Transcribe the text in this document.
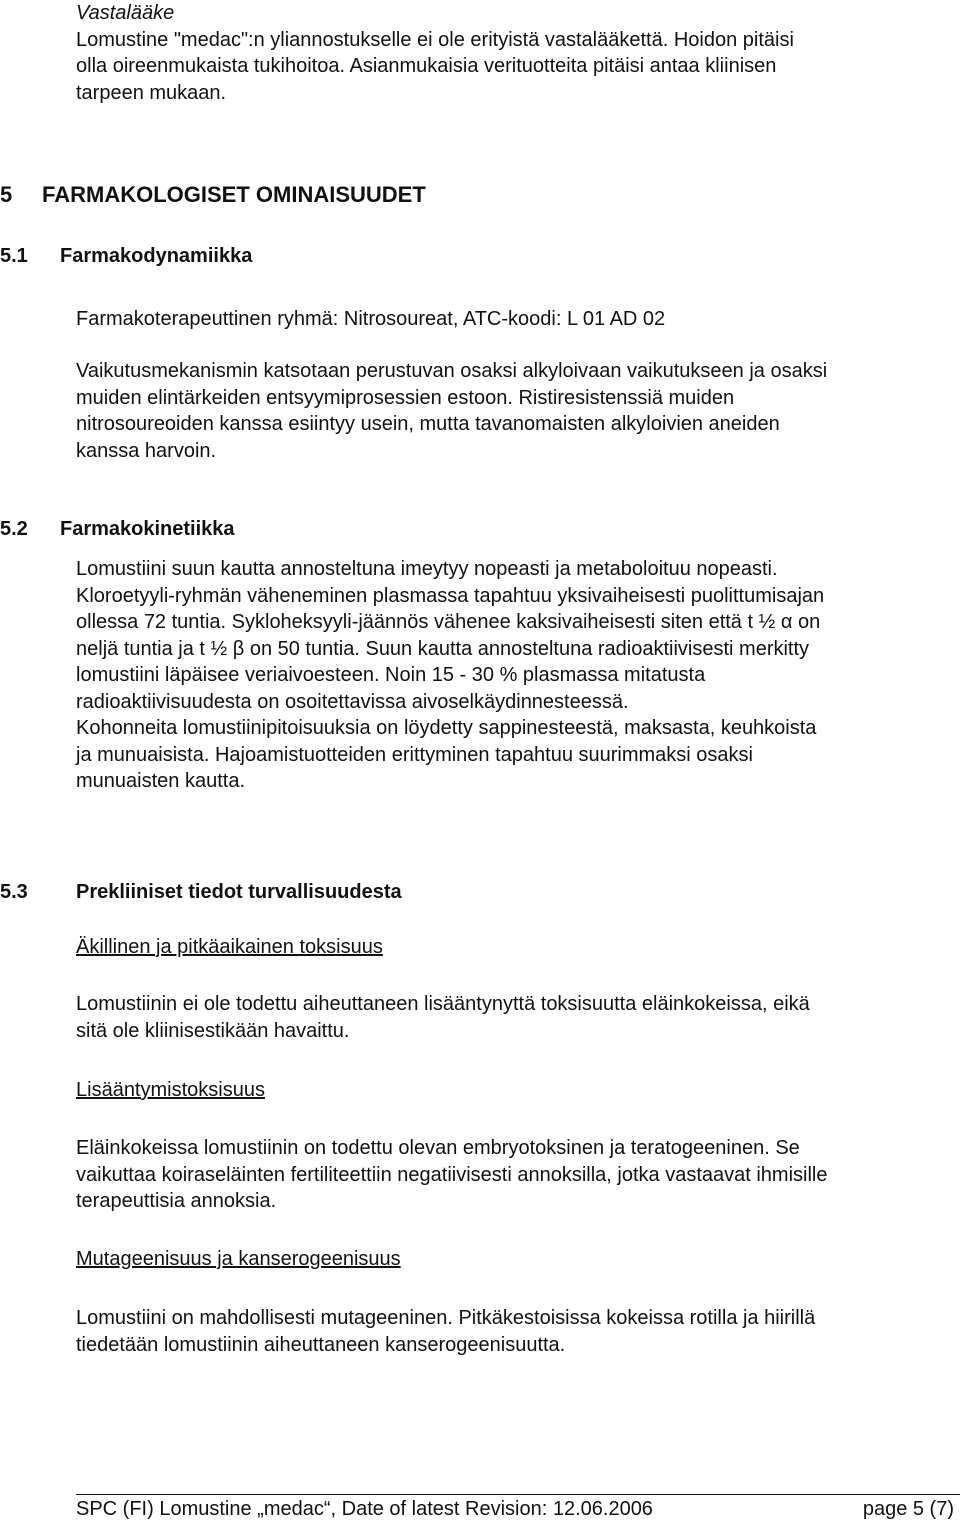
Vastalääke
Lomustine "medac":n yliannostukselle ei ole erityistä vastalääkettä. Hoidon pitäisi
olla oireenmukaista tukihoitoa. Asianmukaisia verituotteita pitäisi antaa kliinisen
tarpeen mukaan.
5 FARMAKOLOGISET OMINAISUUDET
5.1 Farmakodynamiikka
Farmakoterapeuttinen ryhmä: Nitrosoureat, ATC-koodi: L 01 AD 02
Vaikutusmekanismin katsotaan perustuvan osaksi alkyloivaan vaikutukseen ja osaksi
muiden elintärkeiden entsyymiprosessien estoon. Ristiresistenssiä muiden
nitrosoureoiden kanssa esiintyy usein, mutta tavanomaisten alkyloivien aneiden
kanssa harvoin.
5.2 Farmakokinetiikka
Lomustiini suun kautta annosteltuna imeytyy nopeasti ja metaboloituu nopeasti.
Kloroetyyli-ryhmän väheneminen plasmassa tapahtuu yksivaiheisesti puolittumisajan
ollessa 72 tuntia. Sykloheksyyli-jäännös vähenee kaksivaiheisesti siten että t ½ α on
neljä tuntia ja t ½ β on 50 tuntia. Suun kautta annosteltuna radioaktiivisesti merkitty
lomustiini läpäisee veriaivoesteen. Noin 15 - 30 % plasmassa mitatusta
radioaktiivisuudesta on osoitettavissa aivoselkäydinnesteessä.
Kohonneita lomustiinipitoisuuksia on löydetty sappinesteestä, maksasta, keuhkoista
ja munuaisista. Hajoamistuotteiden erittyminen tapahtuu suurimmaksi osaksi
munuaisten kautta.
5.3 Prekliiniset tiedot turvallisuudesta
Äkillinen ja pitkäaikainen toksisuus
Lomustiinin ei ole todettu aiheuttaneen lisääntynyttä toksisuutta eläinkokeissa, eikä
sitä ole kliinisestikään havaittu.
Lisääntymistoksisuus
Eläinkokeissa lomustiinin on todettu olevan embryotoksinen ja teratogeeninen. Se
vaikuttaa koiraseläinten fertiliteettiin negatiivisesti annoksilla, jotka vastaavat ihmisille
terapeuttisia annoksia.
Mutageenisuus ja kanserogeenisuus
Lomustiini on mahdollisesti mutageeninen. Pitkäkestoisissa kokeissa rotilla ja hiirillä
tiedetään lomustiinin aiheuttaneen kanserogeenisuutta.
SPC (FI) Lomustine „medac“, Date of latest Revision: 12.06.2006	page 5 (7)
